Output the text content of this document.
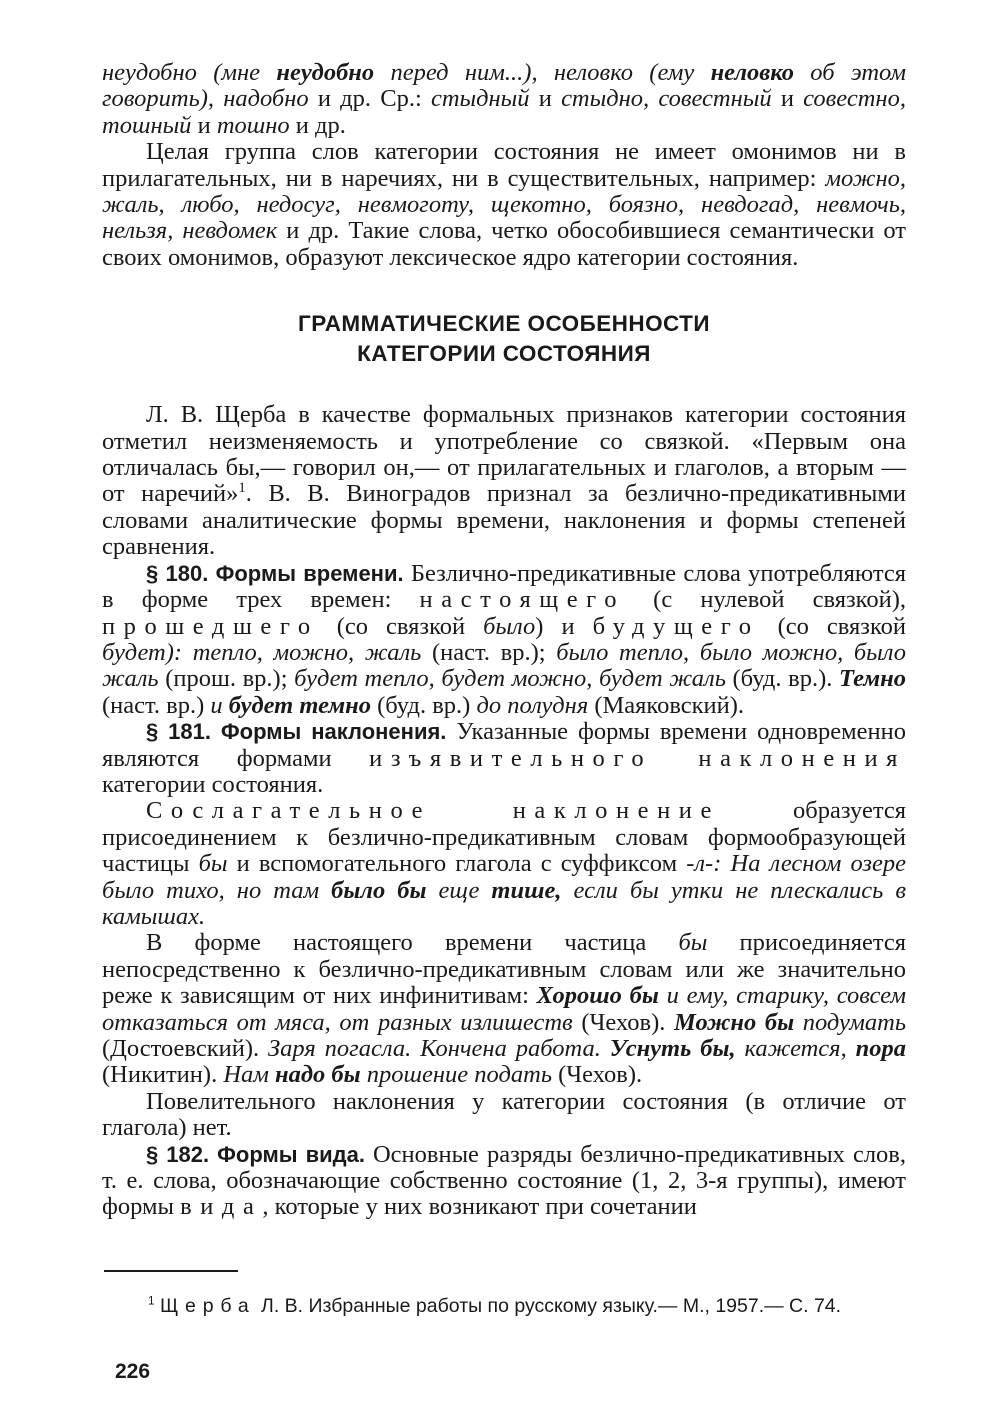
неудобно (мне неудобно перед ним...), неловко (ему неловко об этом говорить), надобно и др. Ср.: стыдный и стыдно, совестный и совестно, тошный и тошно и др.

Целая группа слов категории состояния не имеет омонимов ни в прилагательных, ни в наречиях, ни в существительных, например: можно, жаль, любо, недосуг, невмоготу, щекотно, боязно, невдогад, невмочь, нельзя, невдомек и др. Такие слова, четко обособившиеся семантически от своих омонимов, образуют лексическое ядро категории состояния.

ГРАММАТИЧЕСКИЕ ОСОБЕННОСТИ
КАТЕГОРИИ СОСТОЯНИЯ

Л. В. Щерба в качестве формальных признаков категории состояния отметил неизменяемость и употребление со связкой. «Первым она отличалась бы,— говорил он,— от прилагательных и глаголов, а вторым — от наречий»$^1$. В. В. Виноградов признал за безлично-предикативными словами аналитические формы времени, наклонения и формы степеней сравнения.

§ 180. Формы времени. Безлично-предикативные слова употребляются в форме трех времен: настоящего (с нулевой связкой), прошедшего (со связкой было) и будущего (со связкой будет): тепло, можно, жаль (наст. вр.); было тепло, было можно, было жаль (прош. вр.); будет тепло, будет можно, будет жаль (буд. вр.). Темно (наст. вр.) и будет темно (буд. вр.) до полудня (Маяковский).

§ 181. Формы наклонения. Указанные формы времени одновременно являются формами изъявительного наклонения категории состояния.

Сослагательное наклонение образуется присоединением к безлично-предикативным словам формообразующей частицы бы и вспомогательного глагола с суффиксом -л-: На лесном озере было тихо, но там было бы еще тише, если бы утки не плескались в камышах.

В форме настоящего времени частица бы присоединяется непосредственно к безлично-предикативным словам или же значительно реже к зависящим от них инфинитивам: Хорошо бы и ему, старику, совсем отказаться от мяса, от разных излишеств (Чехов). Можно бы подумать (Достоевский). Заря погасла. Кончена работа. Уснуть бы, кажется, пора (Никитин). Нам надо бы прошение подать (Чехов).

Повелительного наклонения у категории состояния (в отличие от глагола) нет.

§ 182. Формы вида. Основные разряды безлично-предикативных слов, т. е. слова, обозначающие собственно состояние (1, 2, 3-я группы), имеют формы вида, которые у них возникают при сочетании

$^1$ Щерба Л. В. Избранные работы по русскому языку.— М., 1957.— С. 74.
226
